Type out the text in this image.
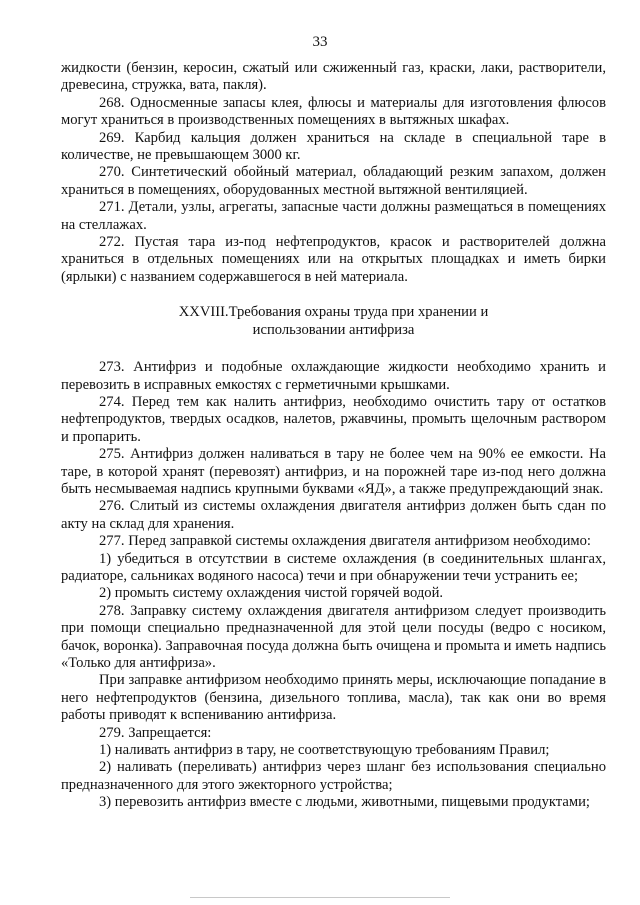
33

жидкости (бензин, керосин, сжатый или сжиженный газ, краски, лаки, растворители, древесина, стружка, вата, пакля).

268. Односменные запасы клея, флюсы и материалы для изготовления флюсов могут храниться в производственных помещениях в вытяжных шкафах.

269. Карбид кальция должен храниться на складе в специальной таре в количестве, не превышающем 3000 кг.

270. Синтетический обойный материал, обладающий резким запахом, должен храниться в помещениях, оборудованных местной вытяжной вентиляцией.

271. Детали, узлы, агрегаты, запасные части должны размещаться в помещениях на стеллажах.

272. Пустая тара из-под нефтепродуктов, красок и растворителей должна храниться в отдельных помещениях или на открытых площадках и иметь бирки (ярлыки) с названием содержавшегося в ней материала.

XXVIII.Требования охраны труда при хранении и
использовании антифриза

273. Антифриз и подобные охлаждающие жидкости необходимо хранить и перевозить в исправных емкостях с герметичными крышками.

274. Перед тем как налить антифриз, необходимо очистить тару от остатков нефтепродуктов, твердых осадков, налетов, ржавчины, промыть щелочным раствором и пропарить.

275. Антифриз должен наливаться в тару не более чем на 90% ее емкости. На таре, в которой хранят (перевозят) антифриз, и на порожней таре из-под него должна быть несмываемая надпись крупными буквами «ЯД», а также предупреждающий знак.

276. Слитый из системы охлаждения двигателя антифриз должен быть сдан по акту на склад для хранения.

277. Перед заправкой системы охлаждения двигателя антифризом необходимо:

1) убедиться в отсутствии в системе охлаждения (в соединительных шлангах, радиаторе, сальниках водяного насоса) течи и при обнаружении течи устранить ее;

2) промыть систему охлаждения чистой горячей водой.

278. Заправку систему охлаждения двигателя антифризом следует производить при помощи специально предназначенной для этой цели посуды (ведро с носиком, бачок, воронка). Заправочная посуда должна быть очищена и промыта и иметь надпись «Только для антифриза».

При заправке антифризом необходимо принять меры, исключающие попадание в него нефтепродуктов (бензина, дизельного топлива, масла), так как они во время работы приводят к вспениванию антифриза.

279. Запрещается:

1) наливать антифриз в тару, не соответствующую требованиям Правил;

2) наливать (переливать) антифриз через шланг без использования специально предназначенного для этого эжекторного устройства;

3) перевозить антифриз вместе с людьми, животными, пищевыми продуктами;
